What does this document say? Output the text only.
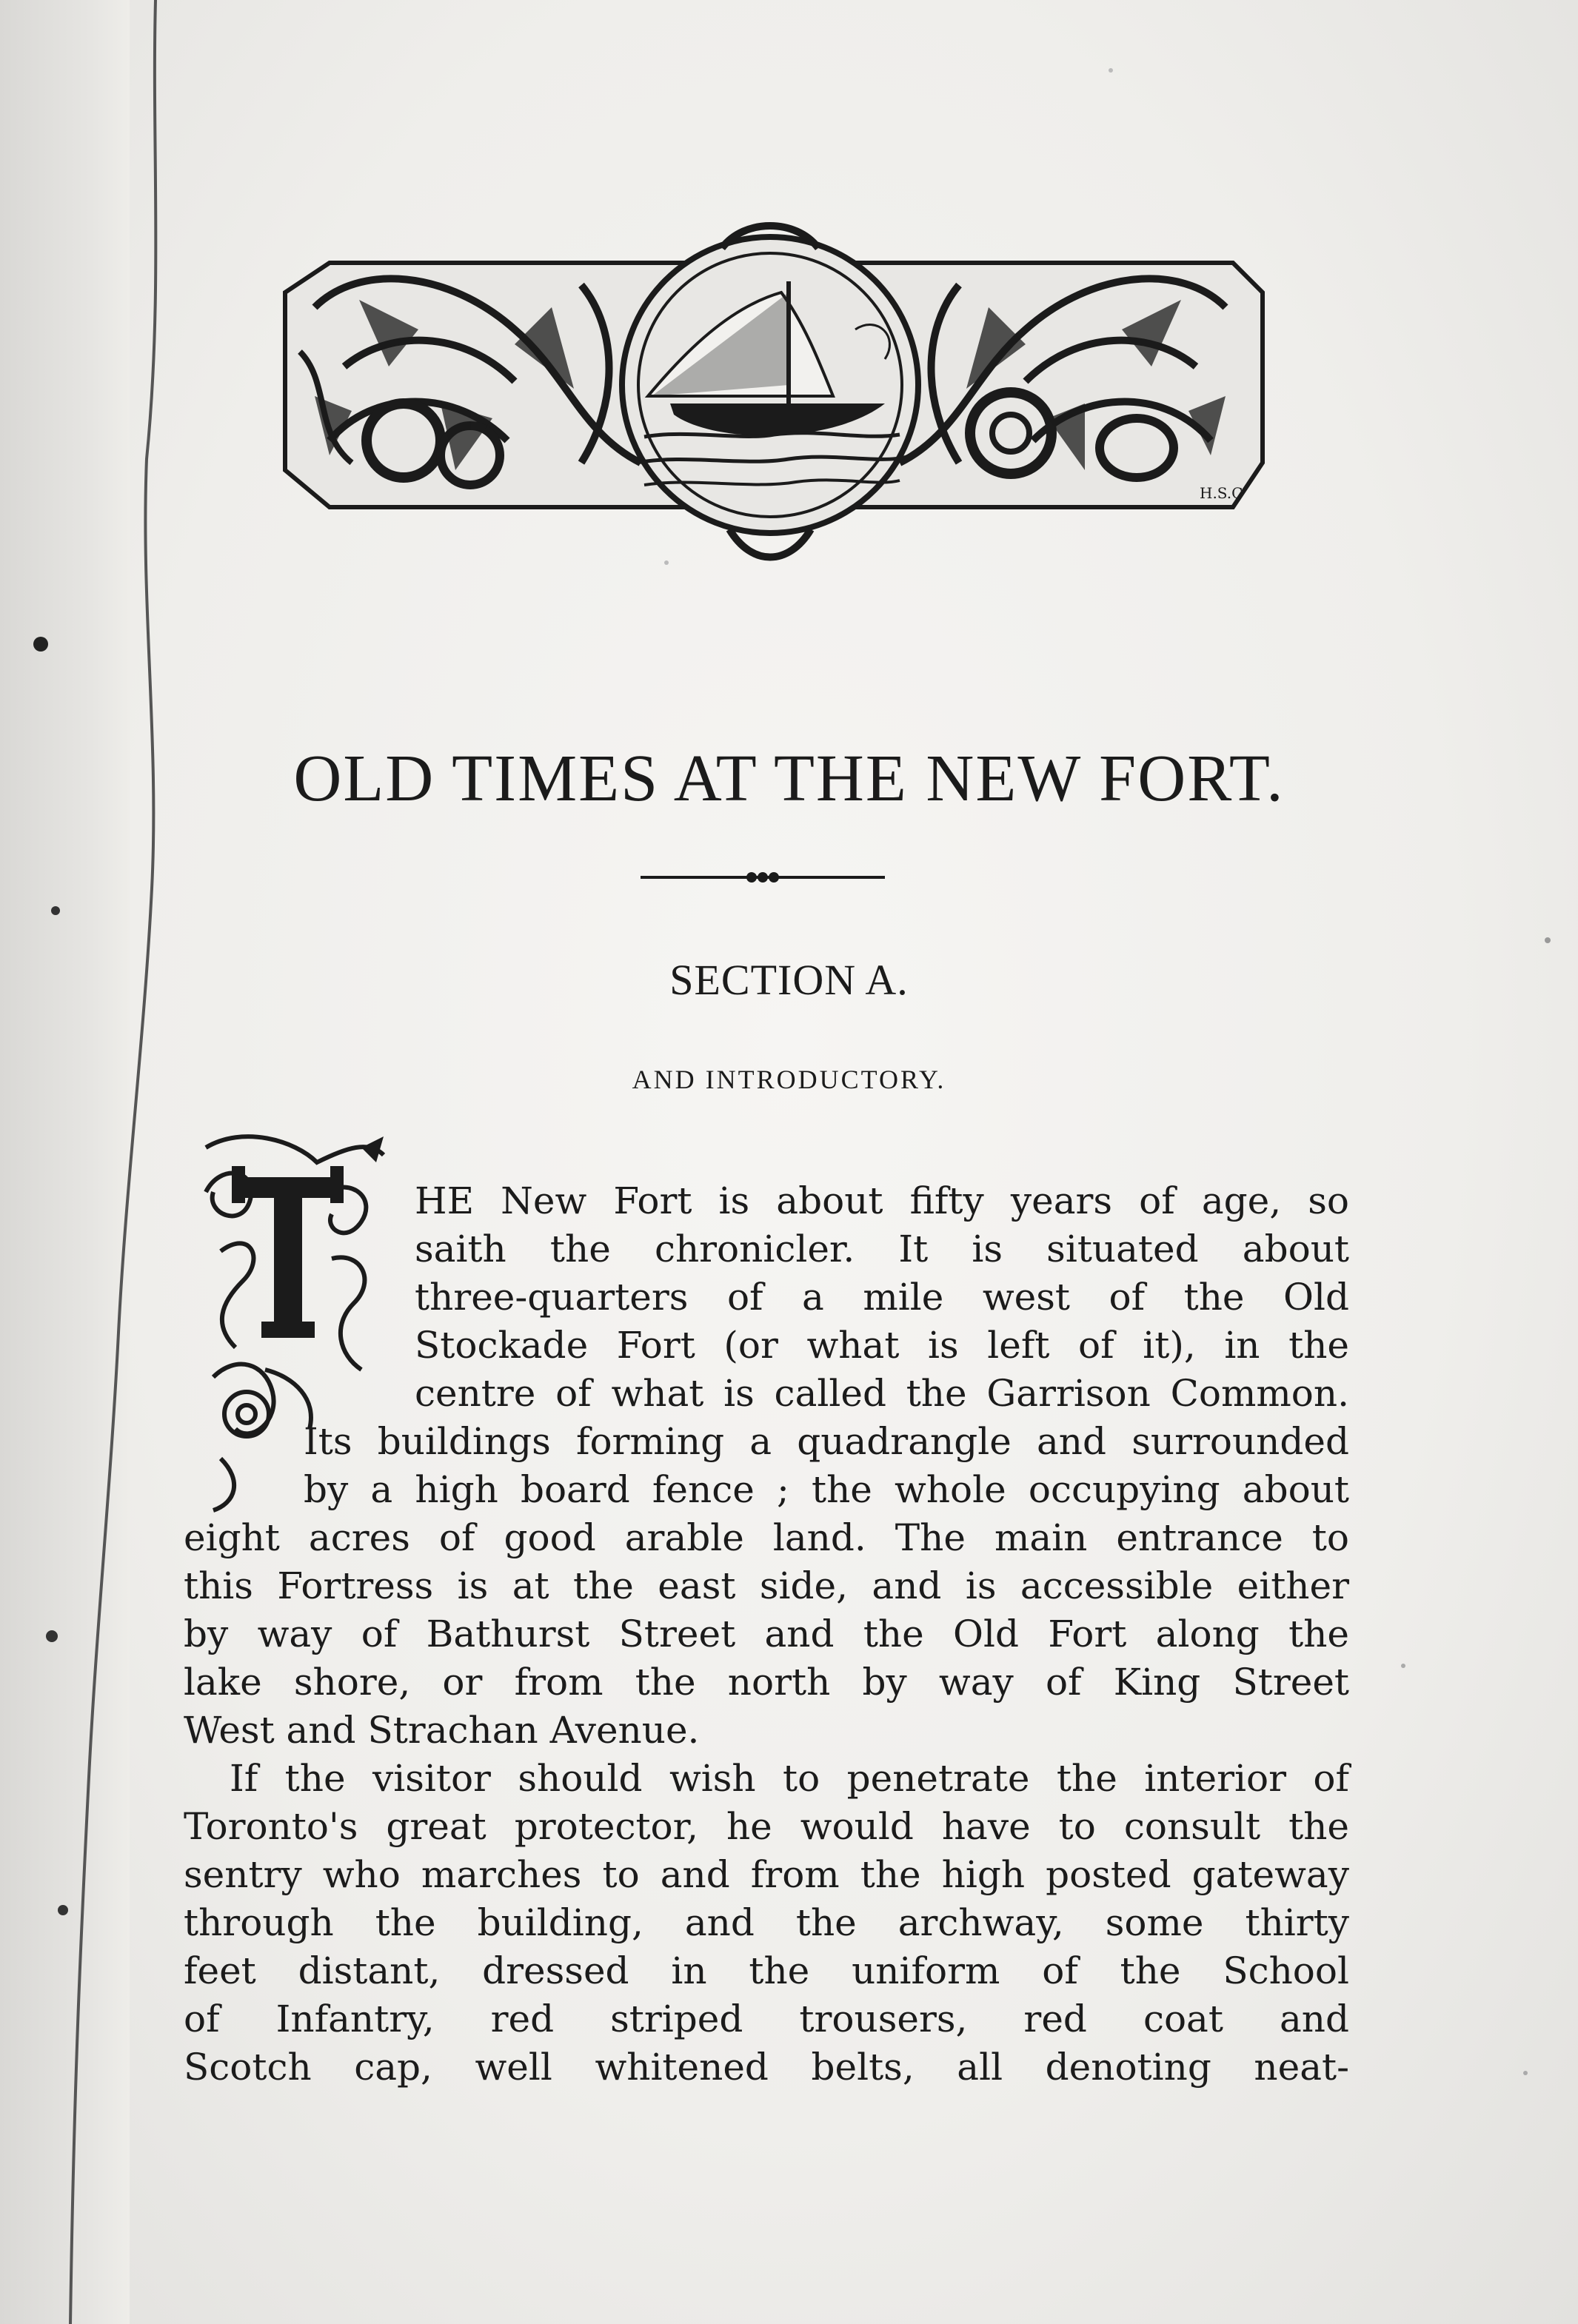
H.S.C
OLD TIMES AT THE NEW FORT.
SECTION A.
AND INTRODUCTORY.
HE New Fort is about fifty years of age, so
saith the chronicler. It is situated about
three-quarters of a mile west of the Old
Stockade Fort (or what is left of it), in the
centre of what is called the Garrison Common.
Its buildings forming a quadrangle and surrounded
by a high board fence ; the whole occupying about
eight acres of good arable land. The main entrance to
this Fortress is at the east side, and is accessible either
by way of Bathurst Street and the Old Fort along the
lake shore, or from the north by way of King Street
West and Strachan Avenue.
If the visitor should wish to penetrate the interior of
Toronto's great protector, he would have to consult the
sentry who marches to and from the high posted gateway
through the building, and the archway, some thirty
feet distant, dressed in the uniform of the School
of Infantry, red striped trousers, red coat and
Scotch cap, well whitened belts, all denoting neat-
